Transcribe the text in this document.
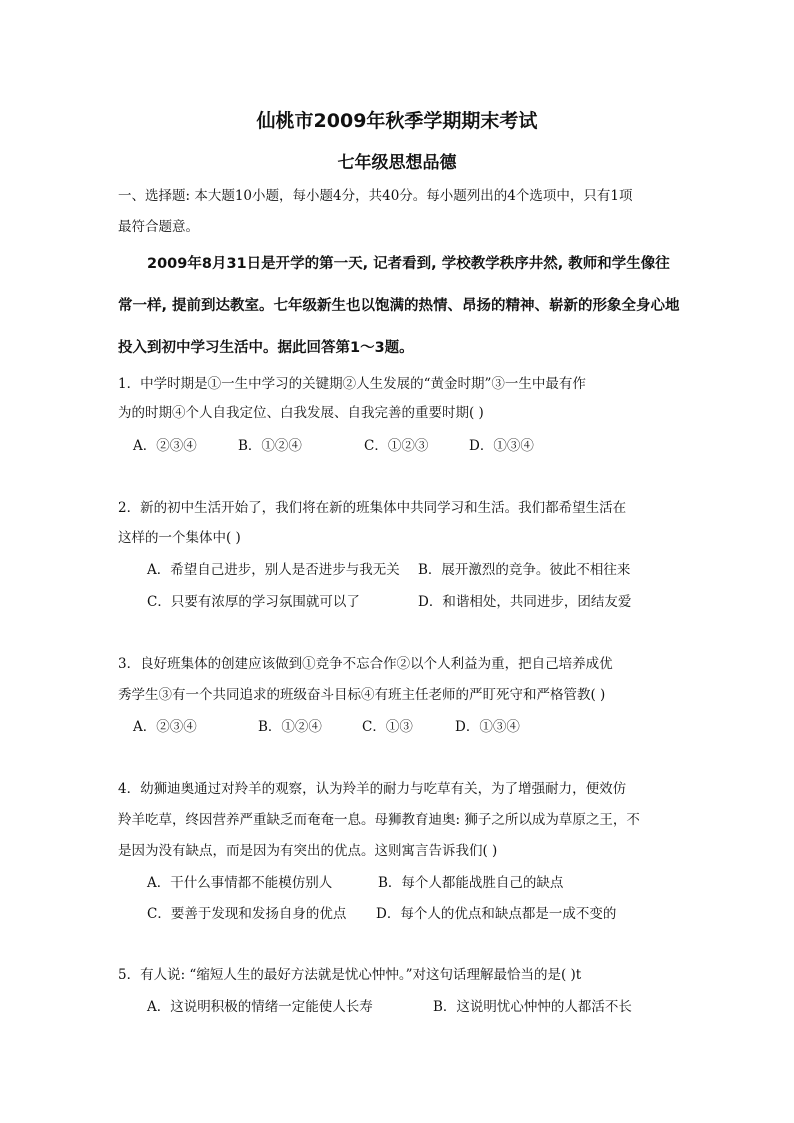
仙桃市2009年秋季学期期末考试
七年级思想品德
一、选择题: 本大题10小题，每小题4分，共40分。每小题列出的4个选项中，只有1项
最符合题意。
2009年8月31日是开学的第一天, 记者看到, 学校教学秩序井然, 教师和学生像往
常一样, 提前到达教室。七年级新生也以饱满的热情、昂扬的精神、崭新的形象全身心地
投入到初中学习生活中。据此回答第1～3题。
1．中学时期是①一生中学习的关键期②人生发展的“黄金时期”③一生中最有作
为的时期④个人自我定位、白我发展、自我完善的重要时期( )
A．②③④	B．①②④	C．①②③	D．①③④
2．新的初中生活开始了，我们将在新的班集体中共同学习和生活。我们都希望生活在
这样的一个集体中( )
A．希望自己进步，别人是否进步与我无关 B．展开激烈的竞争。彼此不相往来
C．只要有浓厚的学习氛围就可以了	D．和谐相处，共同进步，团结友爱
3．良好班集体的创建应该做到①竞争不忘合作②以个人利益为重，把自己培养成优
秀学生③有一个共同追求的班级奋斗目标④有班主任老师的严盯死守和严格管教( )
A．②③④	B．①②④	C．①③	D．①③④
4．幼狮迪奥通过对羚羊的观察，认为羚羊的耐力与吃草有关，为了增强耐力，便效仿
羚羊吃草，终因营养严重缺乏而奄奄一息。母狮教育迪奥: 狮子之所以成为草原之王，不
是因为没有缺点，而是因为有突出的优点。这则寓言告诉我们( )
A．干什么事情都不能模仿别人	B．每个人都能战胜自己的缺点
C．要善于发现和发扬自身的优点 D．每个人的优点和缺点都是一成不变的
5．有人说: “缩短人生的最好方法就是忧心忡忡。”对这句话理解最恰当的是( )t
A．这说明积极的情绪一定能使人长寿	B．这说明忧心忡忡的人都活不长
